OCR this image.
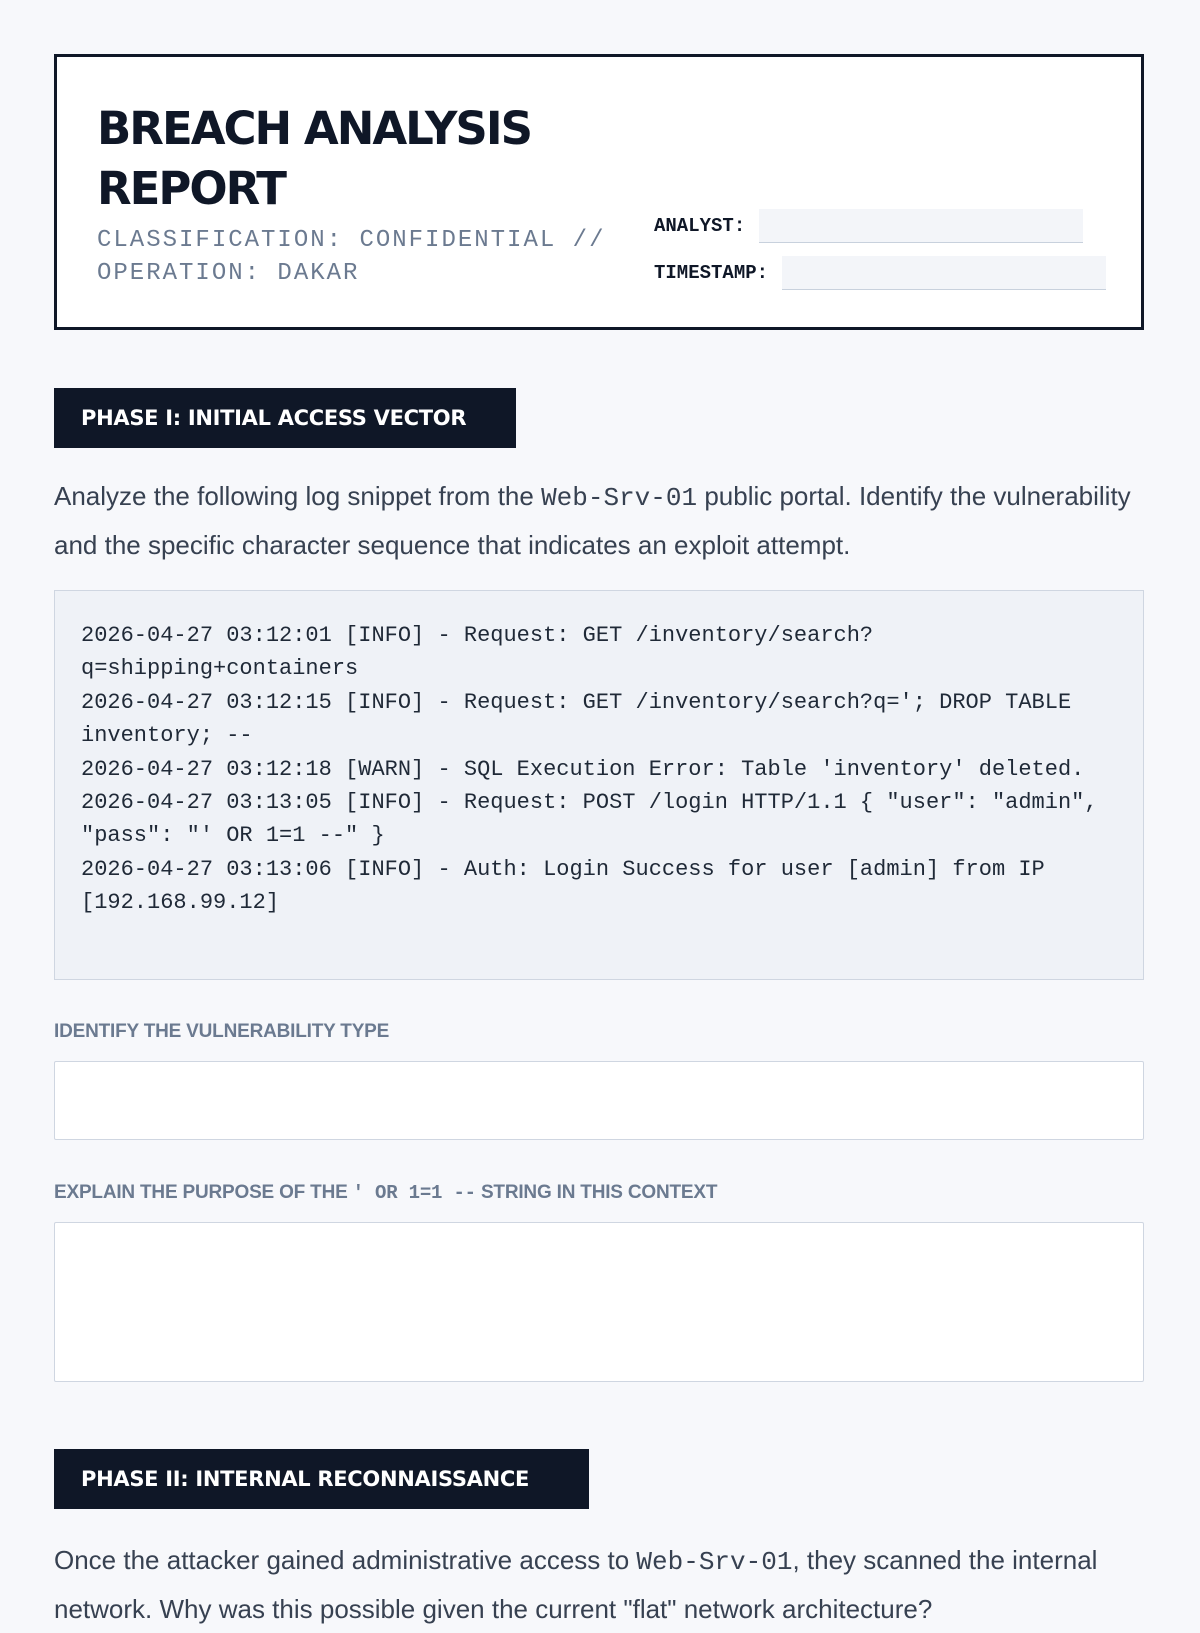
BREACH ANALYSIS REPORT
CLASSIFICATION: CONFIDENTIAL // OPERATION: DAKAR
ANALYST:
TIMESTAMP:
PHASE I: INITIAL ACCESS VECTOR
Analyze the following log snippet from the Web-Srv-01 public portal. Identify the vulnerability and the specific character sequence that indicates an exploit attempt.
2026-04-27 03:12:01 [INFO] - Request: GET /inventory/search?q=shipping+containers
2026-04-27 03:12:15 [INFO] - Request: GET /inventory/search?q='; DROP TABLE inventory; --
2026-04-27 03:12:18 [WARN] - SQL Execution Error: Table 'inventory' deleted.
2026-04-27 03:13:05 [INFO] - Request: POST /login HTTP/1.1 { "user": "admin", "pass": "' OR 1=1 --" }
2026-04-27 03:13:06 [INFO] - Auth: Login Success for user [admin] from IP [192.168.99.12]
IDENTIFY THE VULNERABILITY TYPE
EXPLAIN THE PURPOSE OF THE ' OR 1=1 -- STRING IN THIS CONTEXT
PHASE II: INTERNAL RECONNAISSANCE
Once the attacker gained administrative access to Web-Srv-01, they scanned the internal network. Why was this possible given the current "flat" network architecture?
